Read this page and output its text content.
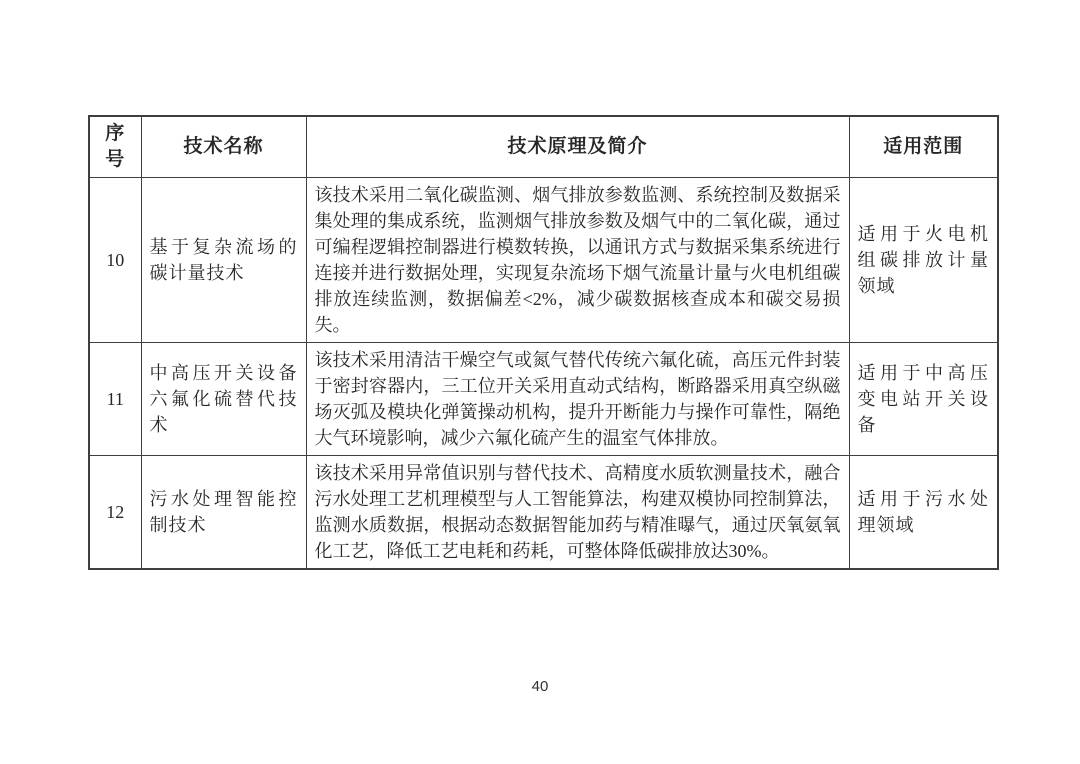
序号	技术名称	技术原理及简介	适用范围
10	基于复杂流场的碳计量技术	该技术采用二氧化碳监测、烟气排放参数监测、系统控制及数据采集处理的集成系统，监测烟气排放参数及烟气中的二氧化碳，通过可编程逻辑控制器进行模数转换，以通讯方式与数据采集系统进行连接并进行数据处理，实现复杂流场下烟气流量计量与火电机组碳排放连续监测，数据偏差<2%，减少碳数据核查成本和碳交易损失。	适用于火电机组碳排放计量领域
11	中高压开关设备六氟化硫替代技术	该技术采用清洁干燥空气或氮气替代传统六氟化硫，高压元件封装于密封容器内，三工位开关采用直动式结构，断路器采用真空纵磁场灭弧及模块化弹簧操动机构，提升开断能力与操作可靠性，隔绝大气环境影响，减少六氟化硫产生的温室气体排放。	适用于中高压变电站开关设备
12	污水处理智能控制技术	该技术采用异常值识别与替代技术、高精度水质软测量技术，融合污水处理工艺机理模型与人工智能算法，构建双模协同控制算法，监测水质数据，根据动态数据智能加药与精准曝气，通过厌氧氨氧化工艺，降低工艺电耗和药耗，可整体降低碳排放达30%。	适用于污水处理领域
40
